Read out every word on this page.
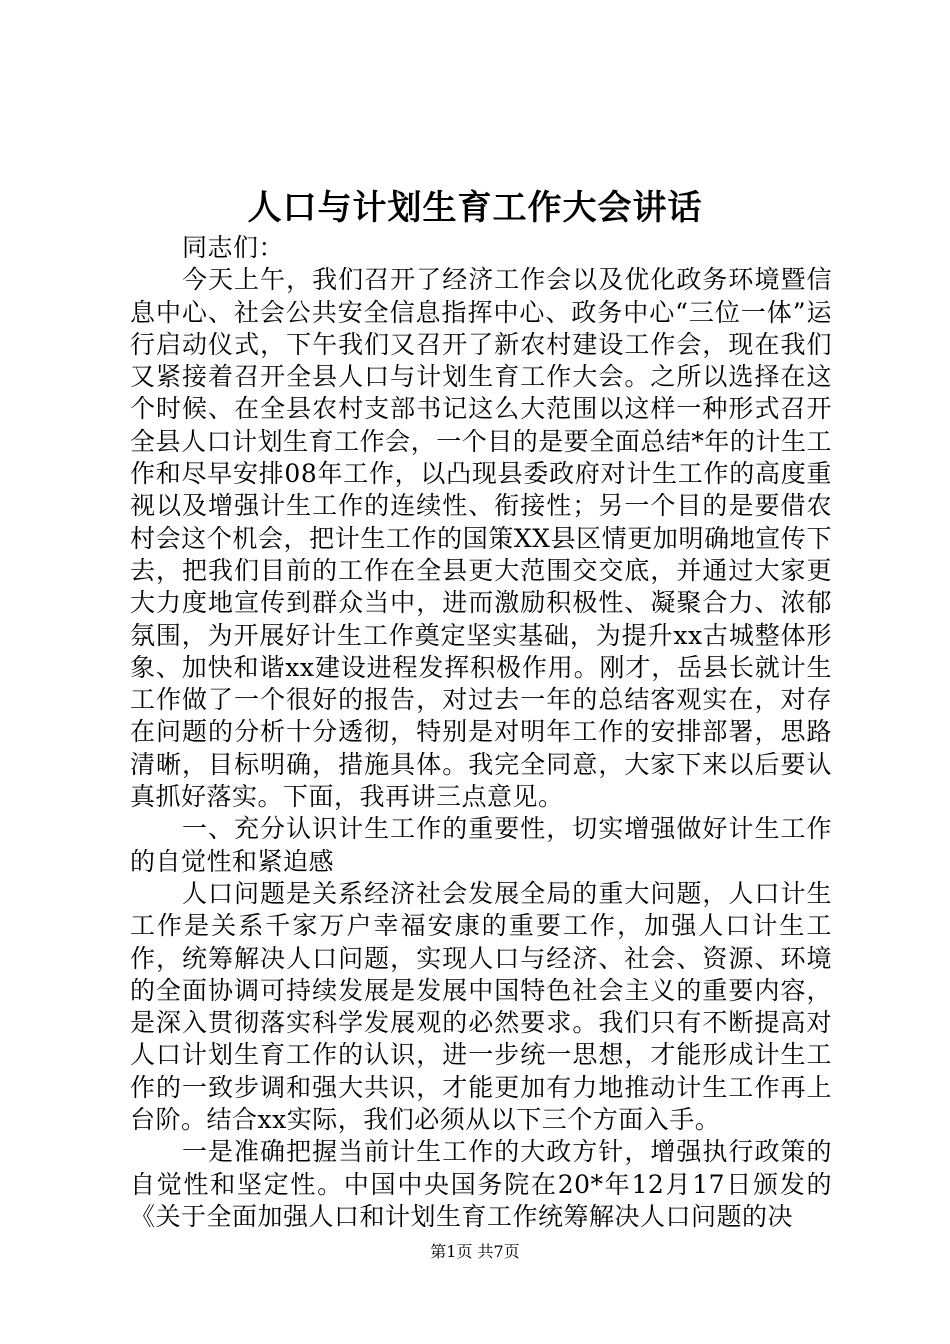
人口与计划生育工作大会讲话

同志们：

今天上午，我们召开了经济工作会以及优化政务环境暨信息中心、社会公共安全信息指挥中心、政务中心“三位一体”运行启动仪式，下午我们又召开了新农村建设工作会，现在我们又紧接着召开全县人口与计划生育工作大会。之所以选择在这个时候、在全县农村支部书记这么大范围以这样一种形式召开全县人口计划生育工作会，一个目的是要全面总结*年的计生工作和尽早安排08年工作，以凸现县委政府对计生工作的高度重视以及增强计生工作的连续性、衔接性；另一个目的是要借农村会这个机会，把计生工作的国策XX县区情更加明确地宣传下去，把我们目前的工作在全县更大范围交交底，并通过大家更大力度地宣传到群众当中，进而激励积极性、凝聚合力、浓郁氛围，为开展好计生工作奠定坚实基础，为提升xx古城整体形象、加快和谐xx建设进程发挥积极作用。刚才，岳县长就计生工作做了一个很好的报告，对过去一年的总结客观实在，对存在问题的分析十分透彻，特别是对明年工作的安排部署，思路清晰，目标明确，措施具体。我完全同意，大家下来以后要认真抓好落实。下面，我再讲三点意见。

一、充分认识计生工作的重要性，切实增强做好计生工作的自觉性和紧迫感

人口问题是关系经济社会发展全局的重大问题，人口计生工作是关系千家万户幸福安康的重要工作，加强人口计生工作，统筹解决人口问题，实现人口与经济、社会、资源、环境的全面协调可持续发展是发展中国特色社会主义的重要内容，是深入贯彻落实科学发展观的必然要求。我们只有不断提高对人口计划生育工作的认识，进一步统一思想，才能形成计生工作的一致步调和强大共识，才能更加有力地推动计生工作再上台阶。结合xx实际，我们必须从以下三个方面入手。

一是准确把握当前计生工作的大政方针，增强执行政策的自觉性和坚定性。中国中央国务院在20*年12月17日颁发的《关于全面加强人口和计划生育工作统筹解决人口问题的决

第1页 共7页
